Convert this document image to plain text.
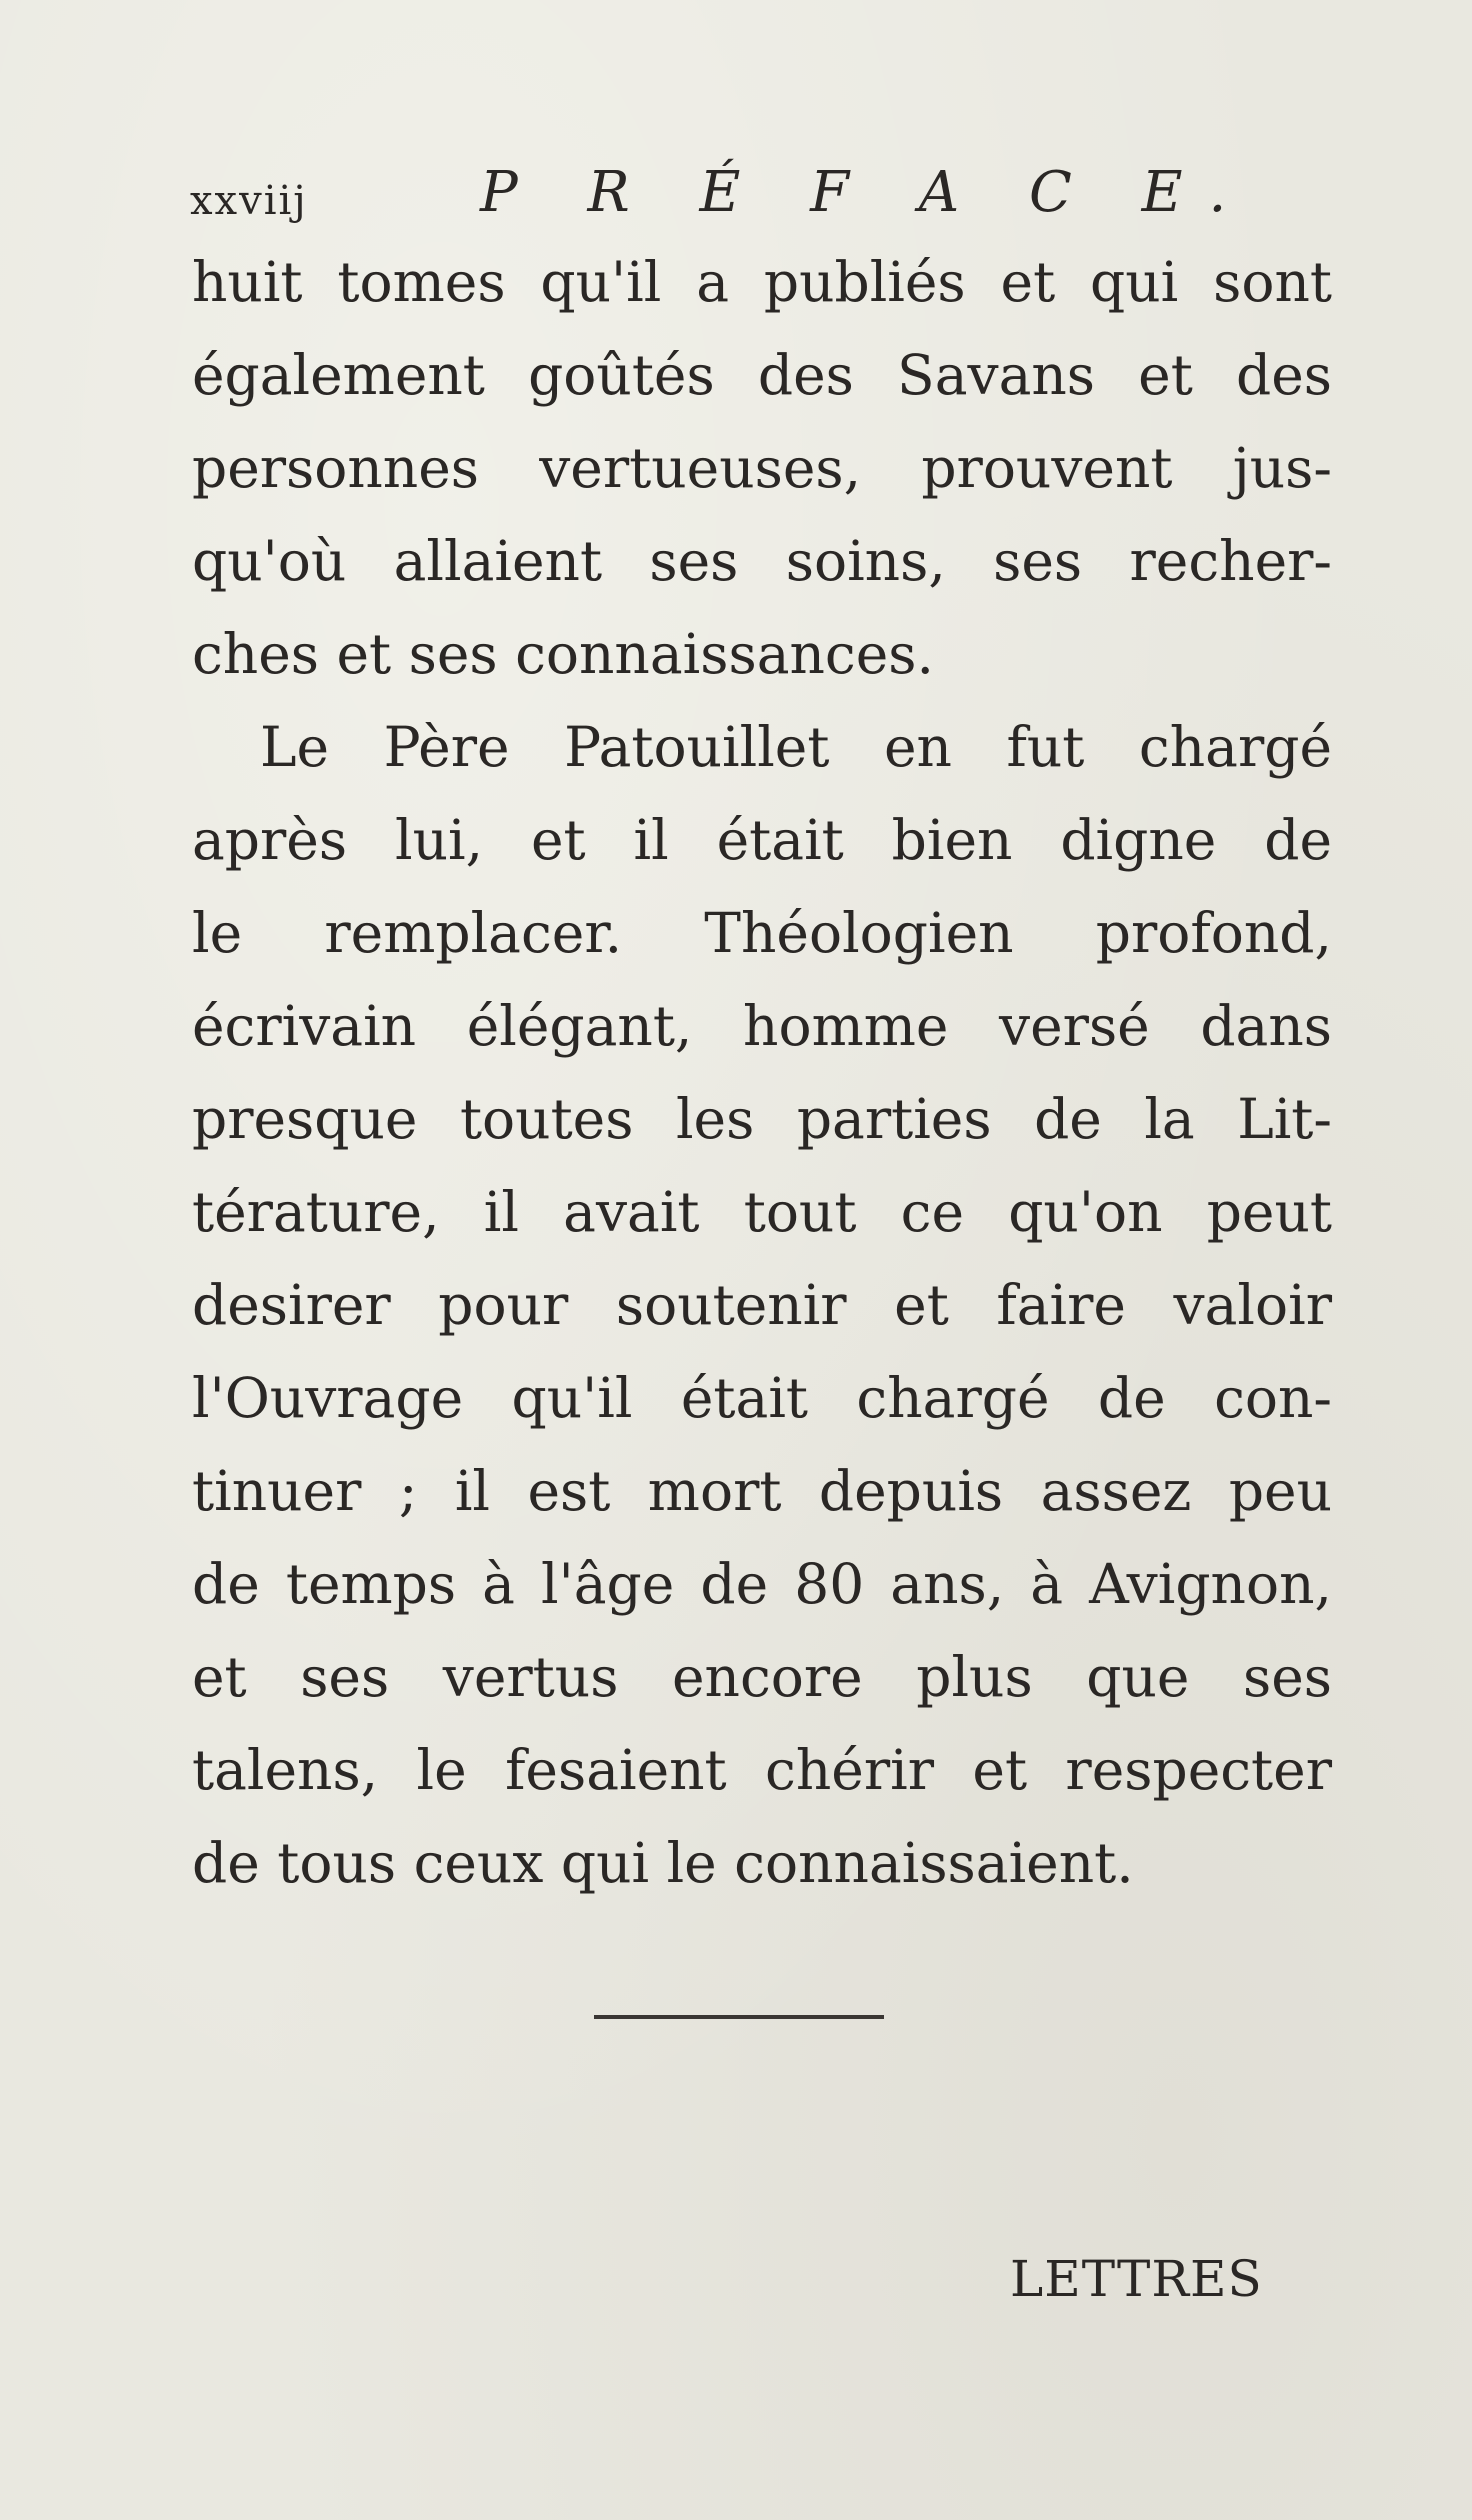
xxviij	P R É F A C E.
huit tomes qu'il a publiés et qui sont
également goûtés des Savans et des
personnes vertueuses, prouvent jus-
qu'où allaient ses soins, ses recher-
ches et ses connaissances.
Le Père Patouillet en fut chargé
après lui, et il était bien digne de
le remplacer. Théologien profond,
écrivain élégant, homme versé dans
presque toutes les parties de la Lit-
térature, il avait tout ce qu'on peut
desirer pour soutenir et faire valoir
l'Ouvrage qu'il était chargé de con-
tinuer ; il est mort depuis assez peu
de temps à l'âge de 80 ans, à Avignon,
et ses vertus encore plus que ses
talens, le fesaient chérir et respecter
de tous ceux qui le connaissaient.
LETTRES
